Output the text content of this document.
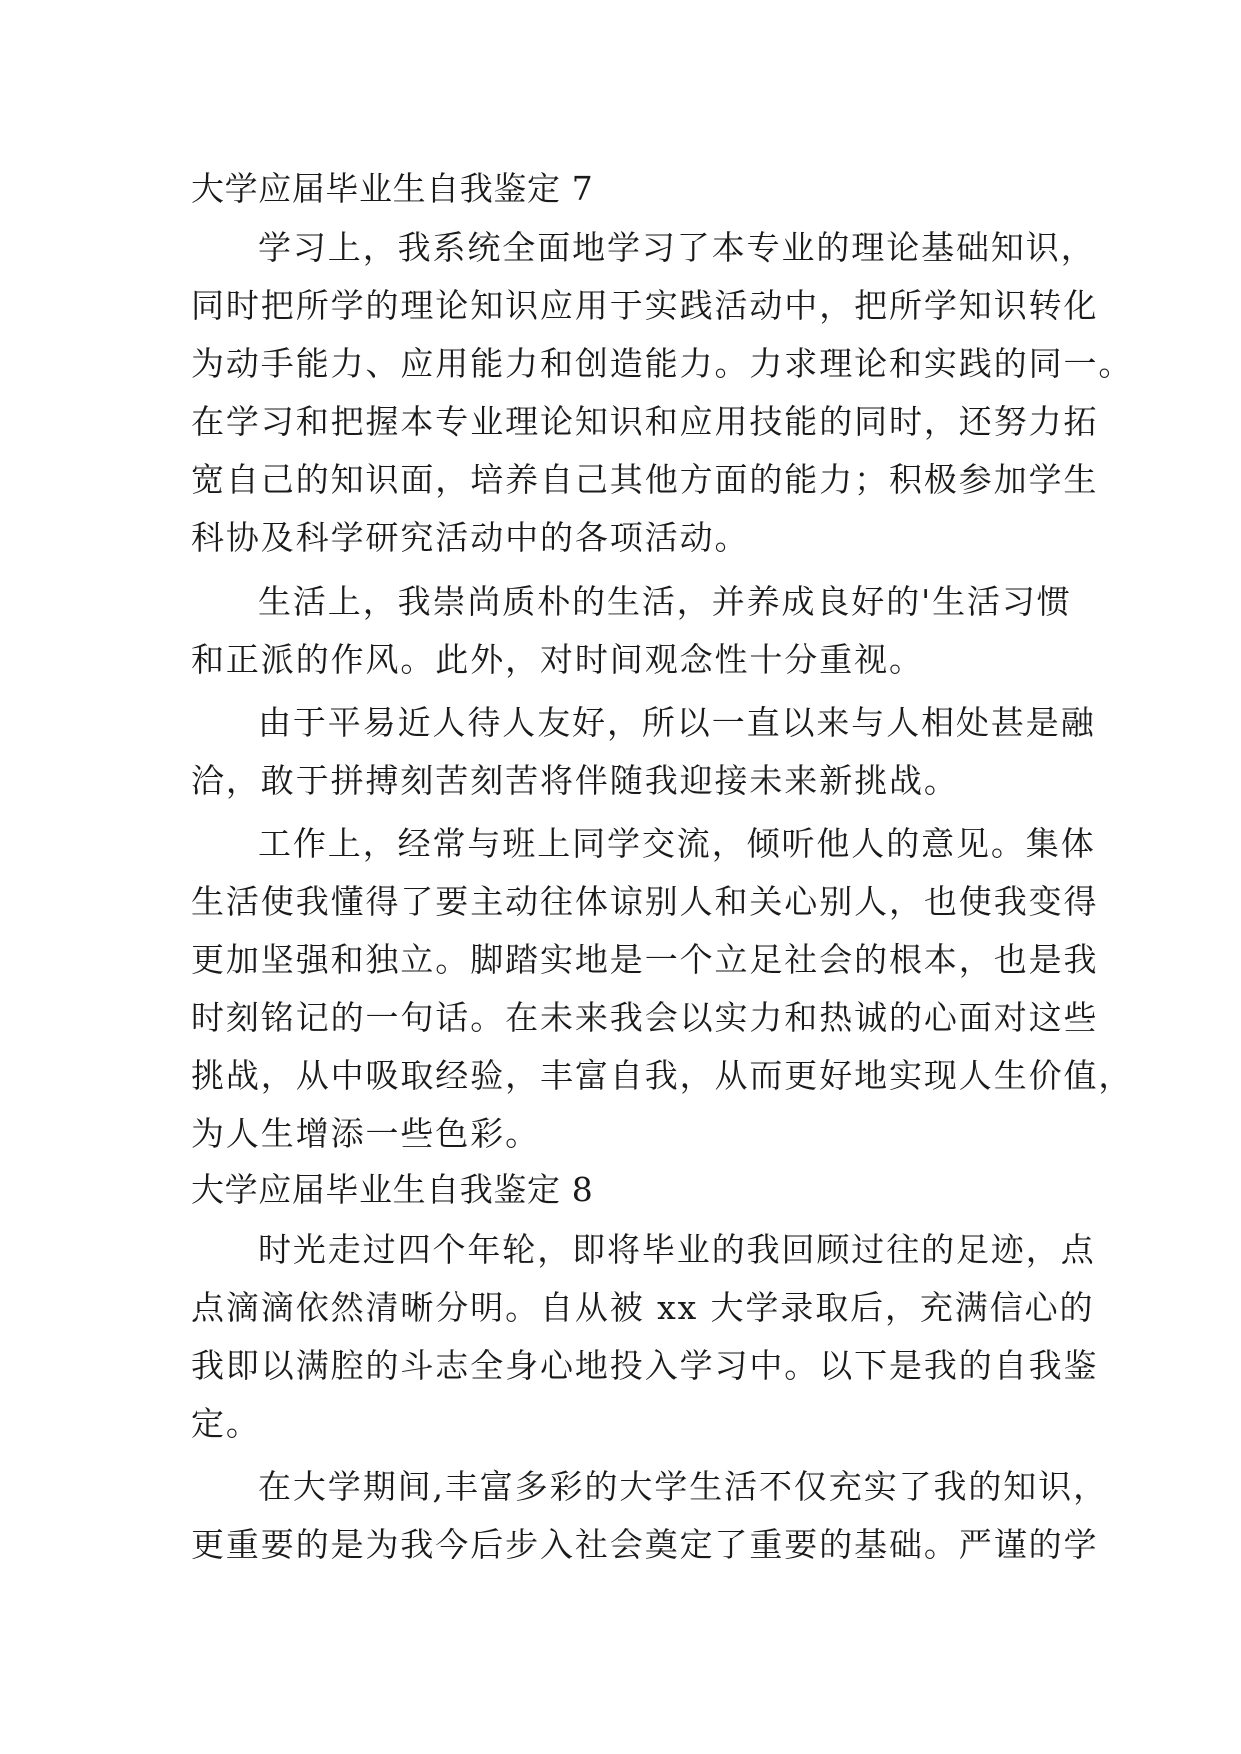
大学应届毕业生自我鉴定 7
学习上，我系统全面地学习了本专业的理论基础知识，
同时把所学的理论知识应用于实践活动中，把所学知识转化
为动手能力、应用能力和创造能力。力求理论和实践的同一。
在学习和把握本专业理论知识和应用技能的同时，还努力拓
宽自己的知识面，培养自己其他方面的能力；积极参加学生
科协及科学研究活动中的各项活动。
生活上，我崇尚质朴的生活，并养成良好的'生活习惯
和正派的作风。此外，对时间观念性十分重视。
由于平易近人待人友好，所以一直以来与人相处甚是融
洽，敢于拼搏刻苦刻苦将伴随我迎接未来新挑战。
工作上，经常与班上同学交流，倾听他人的意见。集体
生活使我懂得了要主动往体谅别人和关心别人，也使我变得
更加坚强和独立。脚踏实地是一个立足社会的根本，也是我
时刻铭记的一句话。在未来我会以实力和热诚的心面对这些
挑战，从中吸取经验，丰富自我，从而更好地实现人生价值，
为人生增添一些色彩。
大学应届毕业生自我鉴定 8
时光走过四个年轮，即将毕业的我回顾过往的足迹，点
点滴滴依然清晰分明。自从被 xx 大学录取后，充满信心的
我即以满腔的斗志全身心地投入学习中。以下是我的自我鉴
定。
在大学期间,丰富多彩的大学生活不仅充实了我的知识，
更重要的是为我今后步入社会奠定了重要的基础。严谨的学
